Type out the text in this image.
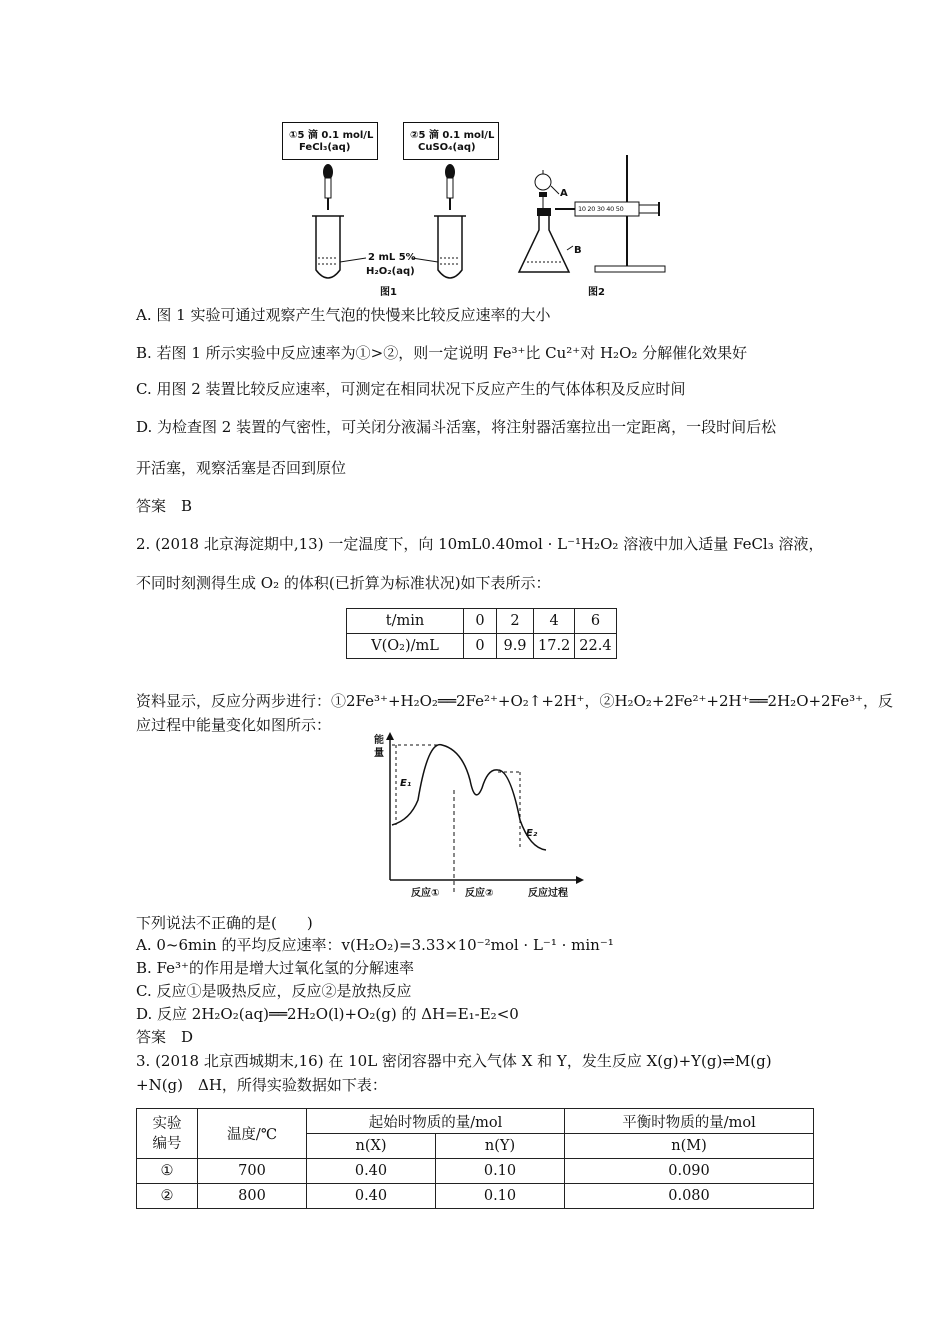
①5 滴 0.1 mol/L
FeCl₃(aq)
②5 滴 0.1 mol/L
CuSO₄(aq)
2 mL 5%
H₂O₂(aq)
图1
A
B
10 20 30 40 50
图2
A. 图 1 实验可通过观察产生气泡的快慢来比较反应速率的大小
B. 若图 1 所示实验中反应速率为①>②，则一定说明 Fe³⁺比 Cu²⁺对 H₂O₂ 分解催化效果好
C. 用图 2 装置比较反应速率，可测定在相同状况下反应产生的气体体积及反应时间
D. 为检查图 2 装置的气密性，可关闭分液漏斗活塞，将注射器活塞拉出一定距离，一段时间后松
开活塞，观察活塞是否回到原位
答案　B
2. (2018 北京海淀期中,13) 一定温度下，向 10mL0.40mol · L⁻¹H₂O₂ 溶液中加入适量 FeCl₃ 溶液，
不同时刻测得生成 O₂ 的体积(已折算为标准状况)如下表所示：
t/min	0	2	4	6
V(O₂)/mL	0	9.9	17.2	22.4
资料显示，反应分两步进行：①2Fe³⁺+H₂O₂══2Fe²⁺+O₂↑+2H⁺，②H₂O₂+2Fe²⁺+2H⁺══2H₂O+2Fe³⁺，反
应过程中能量变化如图所示：
能
量
E₁
E₂
反应①	反应②	反应过程
下列说法不正确的是(　　)
A. 0~6min 的平均反应速率：v(H₂O₂)=3.33×10⁻²mol · L⁻¹ · min⁻¹
B. Fe³⁺的作用是增大过氧化氢的分解速率
C. 反应①是吸热反应，反应②是放热反应
D. 反应 2H₂O₂(aq)══2H₂O(l)+O₂(g) 的 ΔH=E₁-E₂<0
答案　D
3. (2018 北京西城期末,16) 在 10L 密闭容器中充入气体 X 和 Y，发生反应 X(g)+Y(g)⇌M(g)
+N(g)　ΔH，所得实验数据如下表：
实验
编号	温度/℃	起始时物质的量/mol		平衡时物质的量/mol
		n(X)	n(Y)	n(M)
①	700	0.40	0.10	0.090
②	800	0.40	0.10	0.080
